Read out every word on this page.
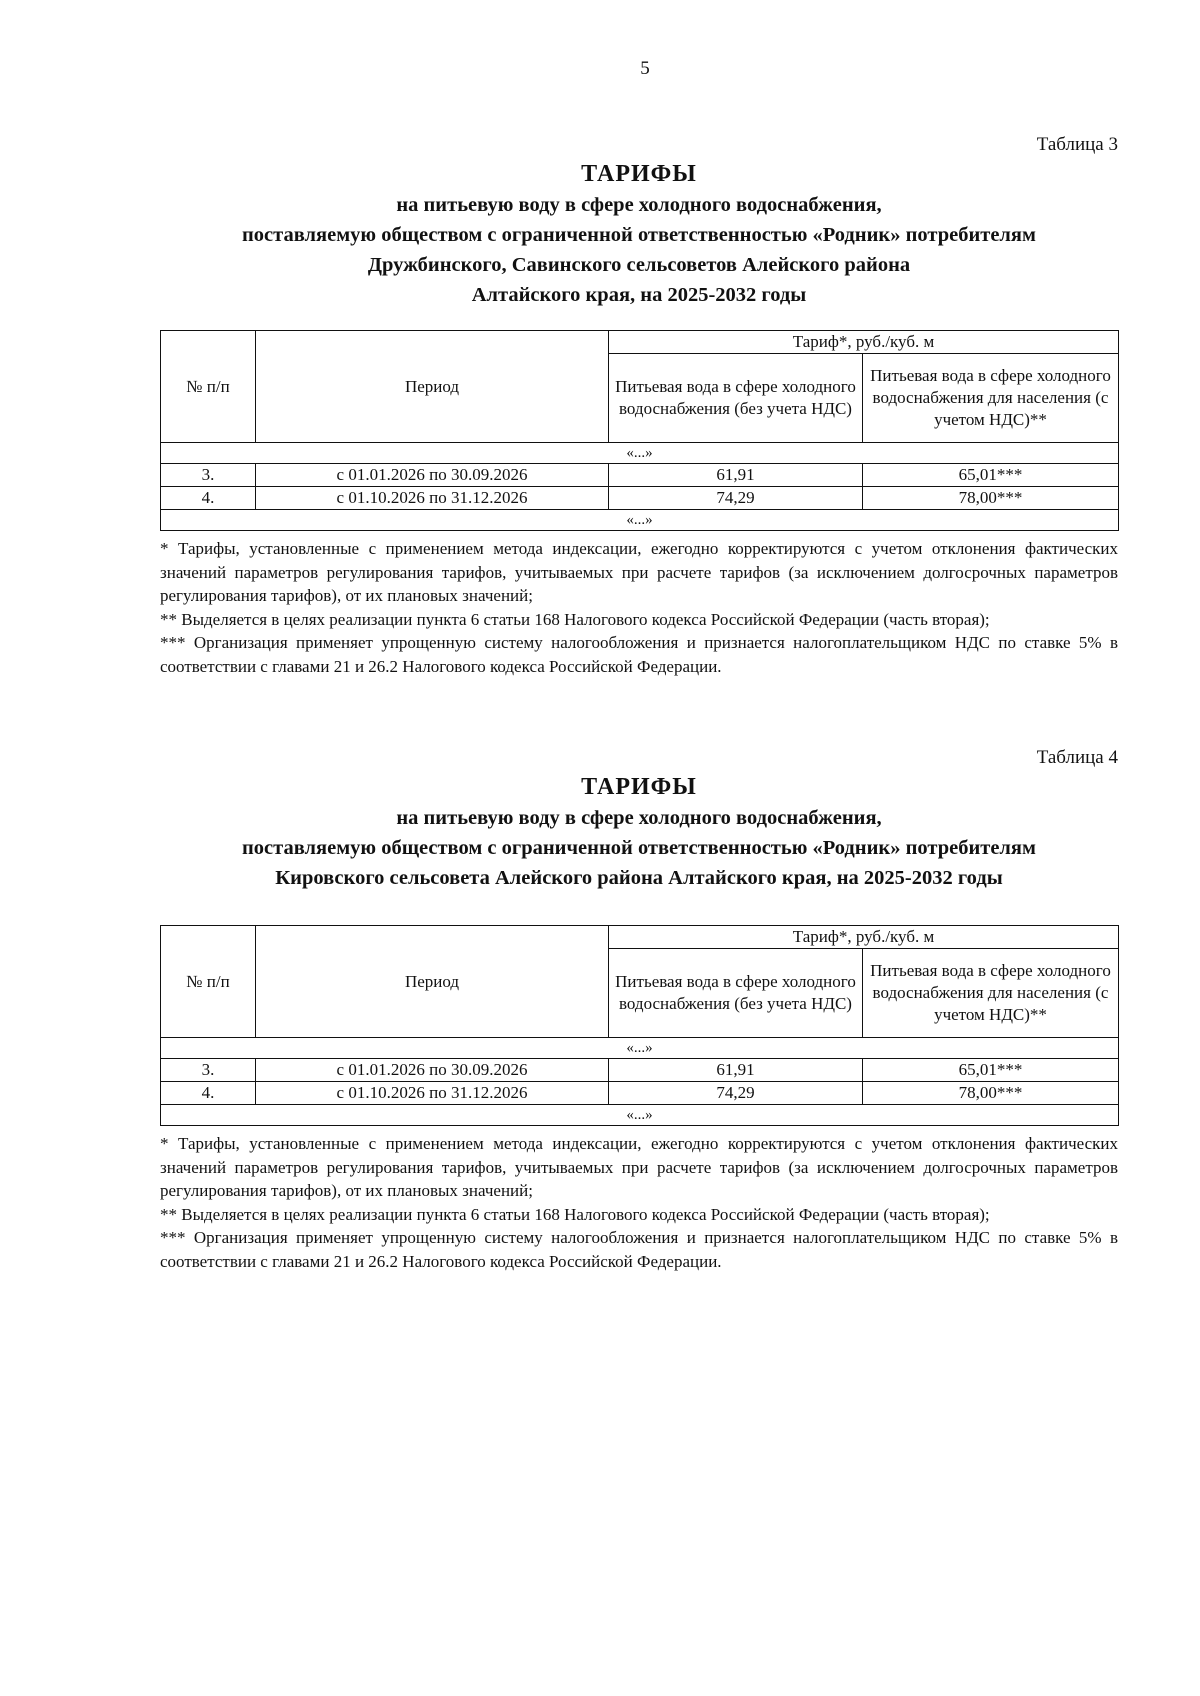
5
Таблица 3
ТАРИФЫ
на питьевую воду в сфере холодного водоснабжения,
поставляемую обществом с ограниченной ответственностью «Родник» потребителям
Дружбинского, Савинского сельсоветов Алейского района
Алтайского края, на 2025-2032 годы
№ п/п	Период	Тариф*, руб./куб. м	
		Питьевая вода в сфере холодного водоснабжения (без учета НДС)	Питьевая вода в сфере холодного водоснабжения для населения (с учетом НДС)**
«...»			
3.	с 01.01.2026 по 30.09.2026	61,91	65,01***
4.	с 01.10.2026 по 31.12.2026	74,29	78,00***
«...»			

* Тарифы, установленные с применением метода индексации, ежегодно корректируются с учетом отклонения фактических значений параметров регулирования тарифов, учитываемых при расчете тарифов (за исключением долгосрочных параметров регулирования тарифов), от их плановых значений;

** Выделяется в целях реализации пункта 6 статьи 168 Налогового кодекса Российской Федерации (часть вторая);

*** Организация применяет упрощенную систему налогообложения и признается налогоплательщиком НДС по ставке 5% в соответствии с главами 21 и 26.2 Налогового кодекса Российской Федерации.

Таблица 4
ТАРИФЫ
на питьевую воду в сфере холодного водоснабжения,
поставляемую обществом с ограниченной ответственностью «Родник» потребителям
Кировского сельсовета Алейского района Алтайского края, на 2025-2032 годы
№ п/п	Период	Тариф*, руб./куб. м	
		Питьевая вода в сфере холодного водоснабжения (без учета НДС)	Питьевая вода в сфере холодного водоснабжения для населения (с учетом НДС)**
«...»			
3.	с 01.01.2026 по 30.09.2026	61,91	65,01***
4.	с 01.10.2026 по 31.12.2026	74,29	78,00***
«...»			

* Тарифы, установленные с применением метода индексации, ежегодно корректируются с учетом отклонения фактических значений параметров регулирования тарифов, учитываемых при расчете тарифов (за исключением долгосрочных параметров регулирования тарифов), от их плановых значений;

** Выделяется в целях реализации пункта 6 статьи 168 Налогового кодекса Российской Федерации (часть вторая);

*** Организация применяет упрощенную систему налогообложения и признается налогоплательщиком НДС по ставке 5% в соответствии с главами 21 и 26.2 Налогового кодекса Российской Федерации.
